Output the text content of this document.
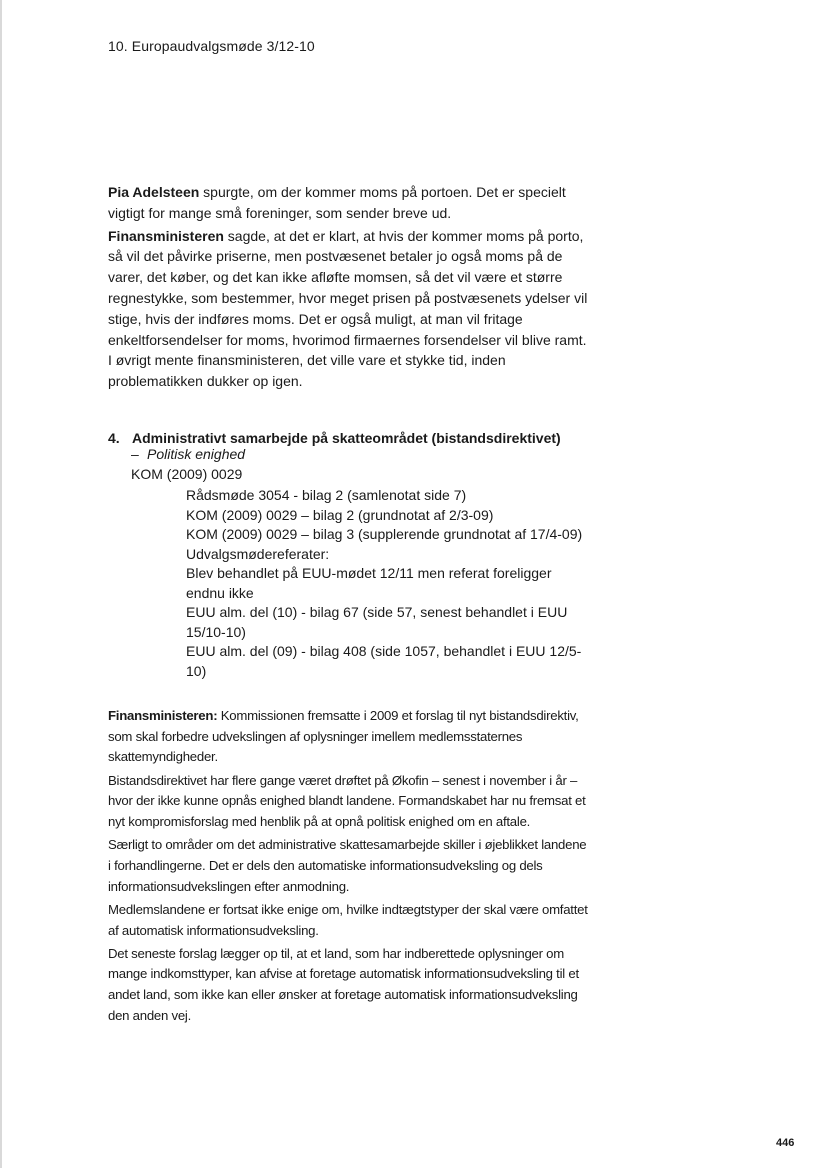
10. Europaudvalgsmøde 3/12-10

Pia Adelsteen spurgte, om der kommer moms på portoen. Det er specielt vigtigt for mange små foreninger, som sender breve ud.

Finansministeren sagde, at det er klart, at hvis der kommer moms på porto, så vil det påvirke priserne, men postvæsenet betaler jo også moms på de varer, det køber, og det kan ikke afløfte momsen, så det vil være et større regnestykke, som bestemmer, hvor meget prisen på postvæsenets ydelser vil stige, hvis der indføres moms. Det er også muligt, at man vil fritage enkeltforsendelser for moms, hvorimod firmaernes forsendelser vil blive ramt. I øvrigt mente finansministeren, det ville vare et stykke tid, inden problematikken dukker op igen.

4. Administrativt samarbejde på skatteområdet (bistandsdirektivet)
– Politisk enighed
KOM (2009) 0029
Rådsmøde 3054 - bilag 2 (samlenotat side 7)
KOM (2009) 0029 – bilag 2 (grundnotat af 2/3-09)
KOM (2009) 0029 – bilag 3 (supplerende grundnotat af 17/4-09)
Udvalgsmødereferater:
Blev behandlet på EUU-mødet 12/11 men referat foreligger endnu ikke
EUU alm. del (10) - bilag 67 (side 57, senest behandlet i EUU 15/10-10)
EUU alm. del (09) - bilag 408 (side 1057, behandlet i EUU 12/5-10)

Finansministeren: Kommissionen fremsatte i 2009 et forslag til nyt bistandsdirektiv, som skal forbedre udvekslingen af oplysninger imellem medlemsstaternes skattemyndigheder.

Bistandsdirektivet har flere gange været drøftet på Økofin – senest i november i år – hvor der ikke kunne opnås enighed blandt landene. Formandskabet har nu fremsat et nyt kompromisforslag med henblik på at opnå politisk enighed om en aftale.

Særligt to områder om det administrative skattesamarbejde skiller i øjeblikket landene i forhandlingerne. Det er dels den automatiske informationsudveksling og dels informationsudvekslingen efter anmodning.

Medlemslandene er fortsat ikke enige om, hvilke indtægtstyper der skal være omfattet af automatisk informationsudveksling.

Det seneste forslag lægger op til, at et land, som har indberettede oplysninger om mange indkomsttyper, kan afvise at foretage automatisk informationsudveksling til et andet land, som ikke kan eller ønsker at foretage automatisk informationsudveksling den anden vej.

446
